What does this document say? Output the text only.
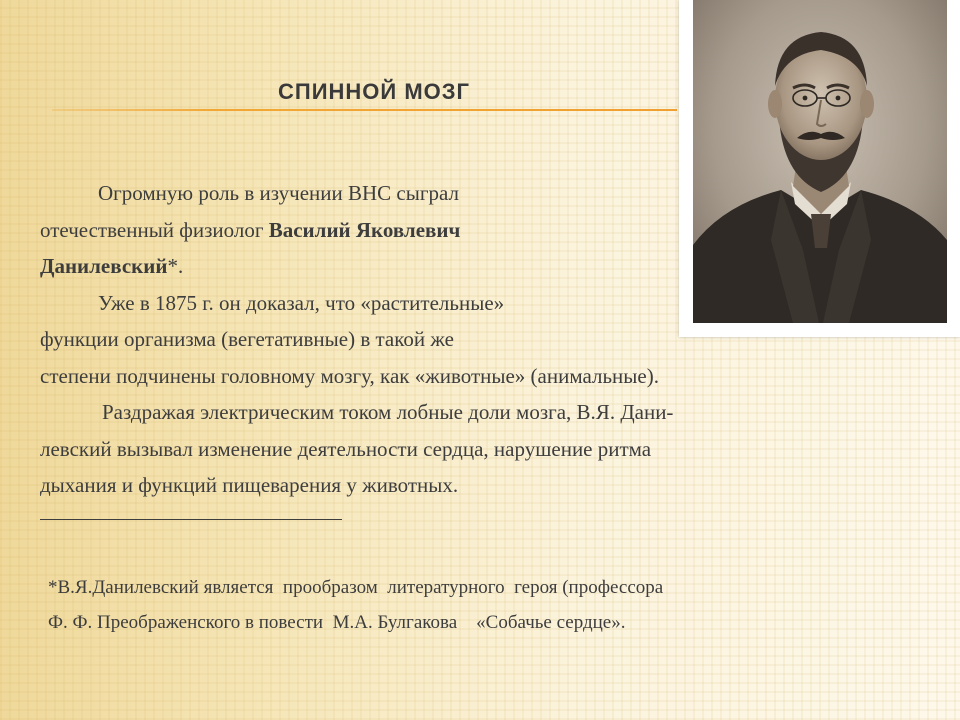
СПИННОЙ МОЗГ
Огромную роль в изучении ВНС сыграл
отечественный физиолог Василий Яковлевич
Данилевский*.
Уже в 1875 г. он доказал, что «растительные»
функции организма (вегетативные) в такой же
степени подчинены головному мозгу, как «животные» (анимальные).
Раздражая электрическим током лобные доли мозга, В.Я. Дани-
левский вызывал изменение деятельности сердца, нарушение ритма
дыхания и функций пищеварения у животных.
*В.Я.Данилевский является  прообразом  литературного  героя (профессора
Ф. Ф. Преображенского в повести  М.А. Булгакова    «Собачье сердце».
